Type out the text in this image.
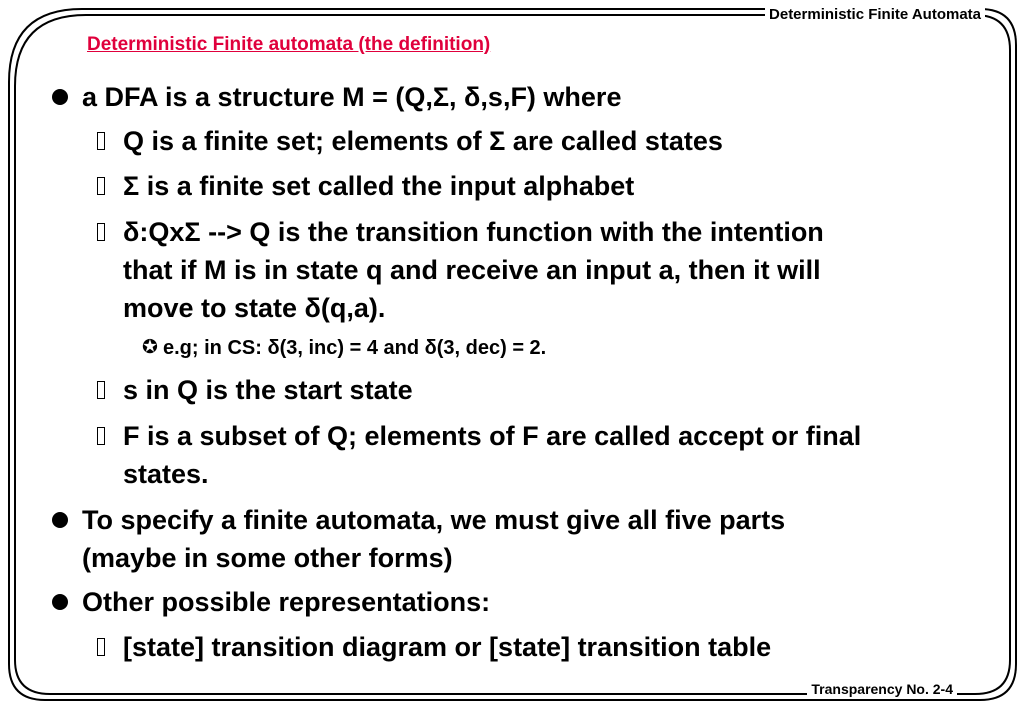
Deterministic Finite Automata
Deterministic Finite automata (the definition)
a DFA is a structure M = (Q,Σ, δ,s,F) where
Q is a finite set; elements of Σ are called states
Σ is a finite set called the input alphabet
δ:QxΣ --> Q is the transition function with the intention
that if M is in state q and receive an input a, then it will
move to state δ(q,a).
✪ e.g; in CS: δ(3, inc) = 4 and δ(3, dec) = 2.
s in Q is the start state
F is a subset of Q; elements of F are called accept or final
states.
To specify a finite automata, we must give all five parts
(maybe in some other forms)
Other possible representations:
[state] transition diagram or [state] transition table
Transparency No. 2-4
